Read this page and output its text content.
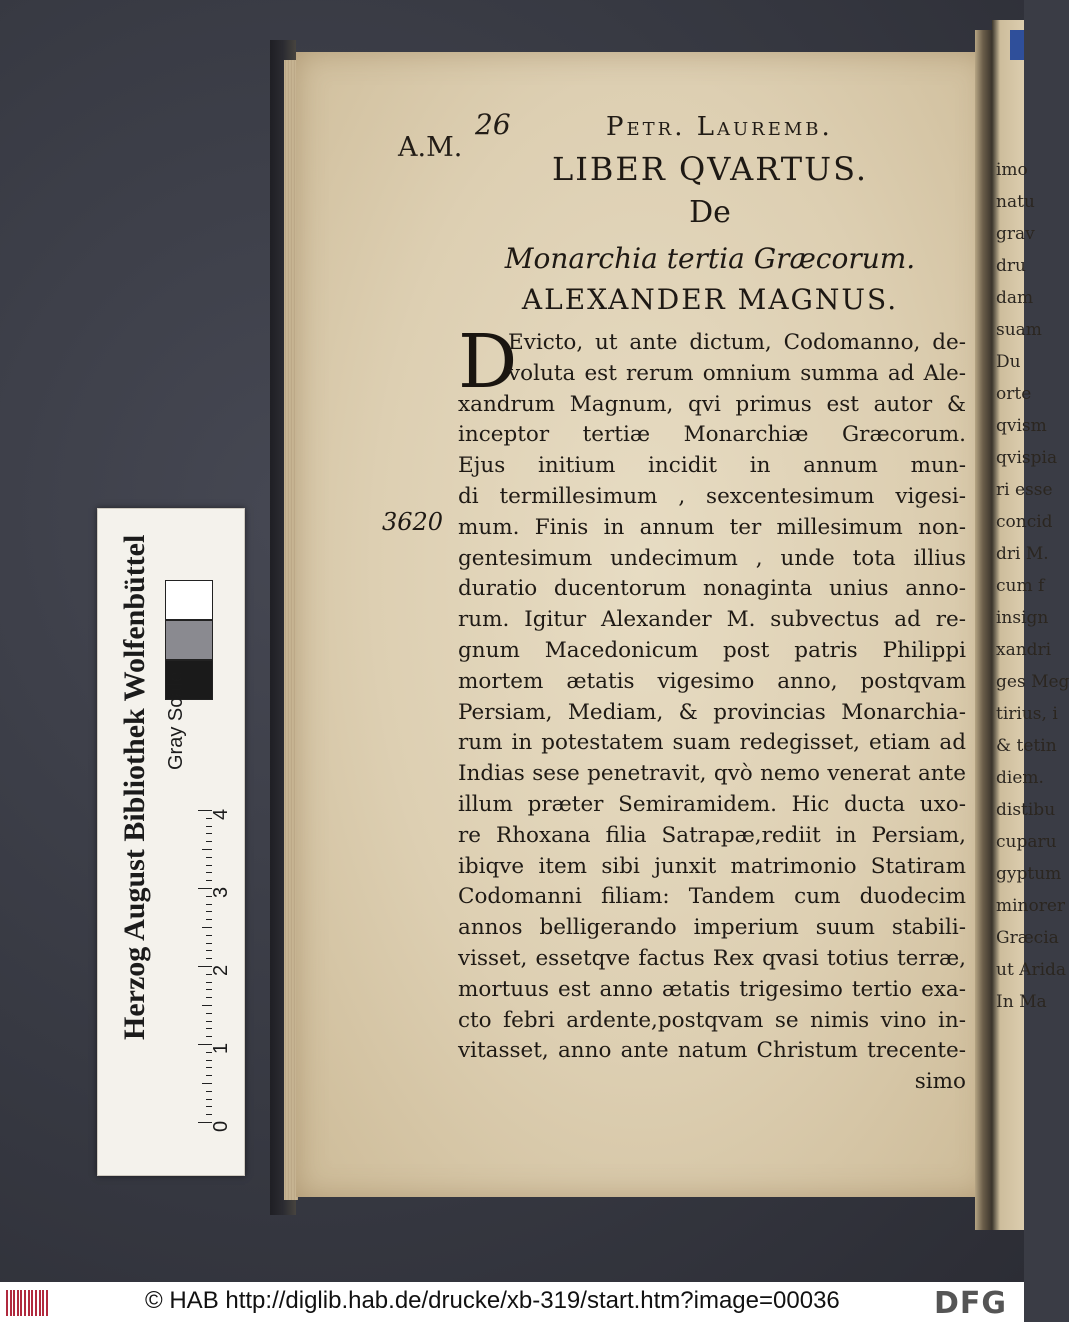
imo
natu
grav
dru
dam
suam
Du
orte
qvism
qvispia
ri esse
concid
dri M.
cum f
insign
xandri
ges Meg
tirius, i
& tetin
diem.
distibu
cuparu
gyptum
minorer
Græcia
ut Arida
In Ma
26	Petr. Lauremb.
A.M.
LIBER QVARTUS.
De
Monarchia tertia Græcorum.
ALEXANDER MAGNUS.
D
3620
Evicto, ut ante dictum, Codomanno, de-
voluta est rerum omnium summa ad Ale-
xandrum Magnum, qvi primus est autor &
inceptor tertiæ Monarchiæ Græcorum.
Ejus initium incidit in annum mun-
di termillesimum , sexcentesimum vigesi-
mum. Finis in annum ter millesimum non-
gentesimum undecimum , unde tota illius
duratio ducentorum nonaginta unius anno-
rum. Igitur Alexander M. subvectus ad re-
gnum Macedonicum post patris Philippi
mortem ætatis vigesimo anno, postqvam
Persiam, Mediam, & provincias Monarchia-
rum in potestatem suam redegisset, etiam ad
Indias sese penetravit, qvò nemo venerat ante
illum præter Semiramidem. Hic ducta uxo-
re Rhoxana filia Satrapæ,rediit in Persiam,
ibiqve item sibi junxit matrimonio Statiram
Codomanni filiam: Tandem cum duodecim
annos belligerando imperium suum stabili-
visset, essetqve factus Rex qvasi totius terræ,
mortuus est anno ætatis trigesimo tertio exa-
cto febri ardente,postqvam se nimis vino in-
vitasset, anno ante natum Christum trecente-
simo
Herzog August Bibliothek Wolfenbüttel Gray Scale
© HAB http://diglib.hab.de/drucke/xb-319/start.htm?image=00036	DFG
0
1
2
3
4
